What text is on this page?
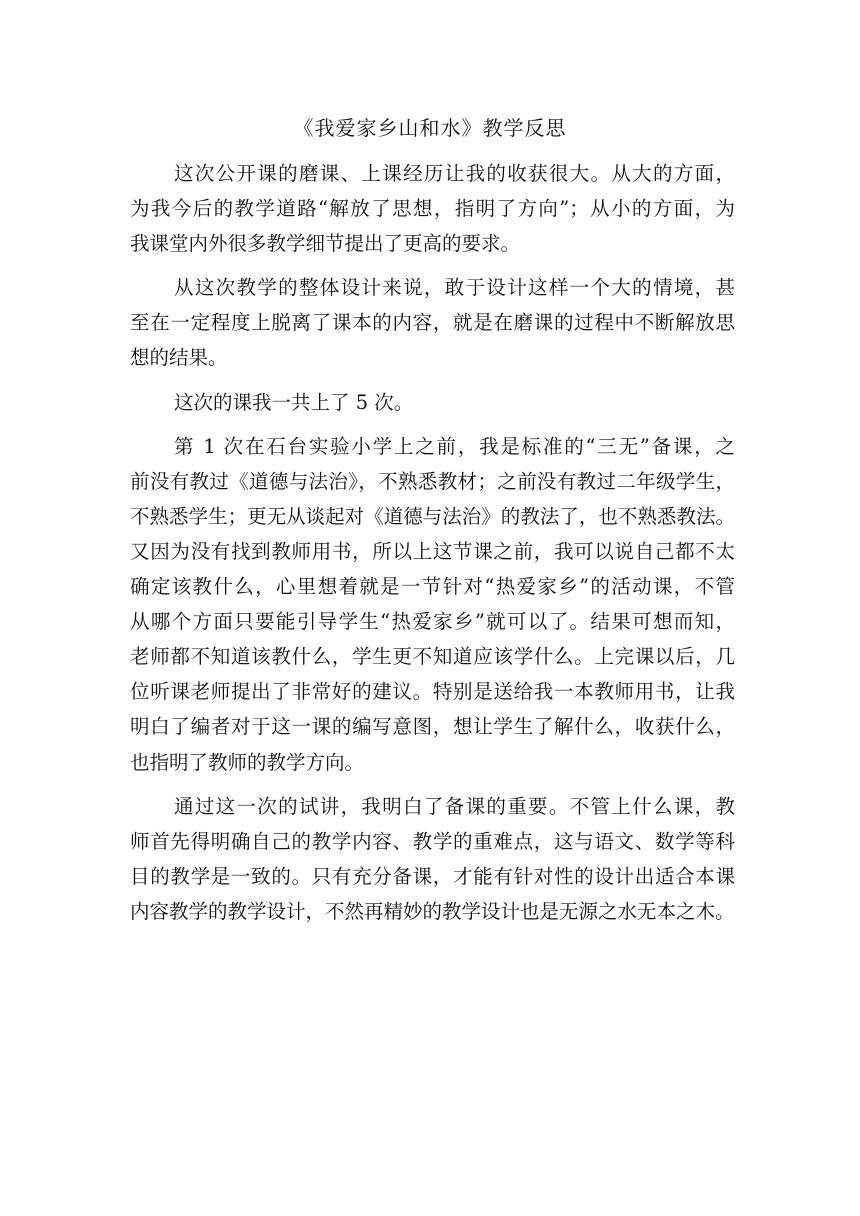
《我爱家乡山和水》教学反思
这次公开课的磨课、上课经历让我的收获很大。从大的方面，
为我今后的教学道路“解放了思想，指明了方向”；从小的方面，为
我课堂内外很多教学细节提出了更高的要求。
从这次教学的整体设计来说，敢于设计这样一个大的情境，甚
至在一定程度上脱离了课本的内容，就是在磨课的过程中不断解放思
想的结果。
这次的课我一共上了 5 次。
第 1 次在石台实验小学上之前，我是标准的“三无”备课，之
前没有教过《道德与法治》，不熟悉教材；之前没有教过二年级学生，
不熟悉学生；更无从谈起对《道德与法治》的教法了，也不熟悉教法。
又因为没有找到教师用书，所以上这节课之前，我可以说自己都不太
确定该教什么，心里想着就是一节针对“热爱家乡”的活动课，不管
从哪个方面只要能引导学生“热爱家乡”就可以了。结果可想而知，
老师都不知道该教什么，学生更不知道应该学什么。上完课以后，几
位听课老师提出了非常好的建议。特别是送给我一本教师用书，让我
明白了编者对于这一课的编写意图，想让学生了解什么，收获什么，
也指明了教师的教学方向。
通过这一次的试讲，我明白了备课的重要。不管上什么课，教
师首先得明确自己的教学内容、教学的重难点，这与语文、数学等科
目的教学是一致的。只有充分备课，才能有针对性的设计出适合本课
内容教学的教学设计，不然再精妙的教学设计也是无源之水无本之木。
